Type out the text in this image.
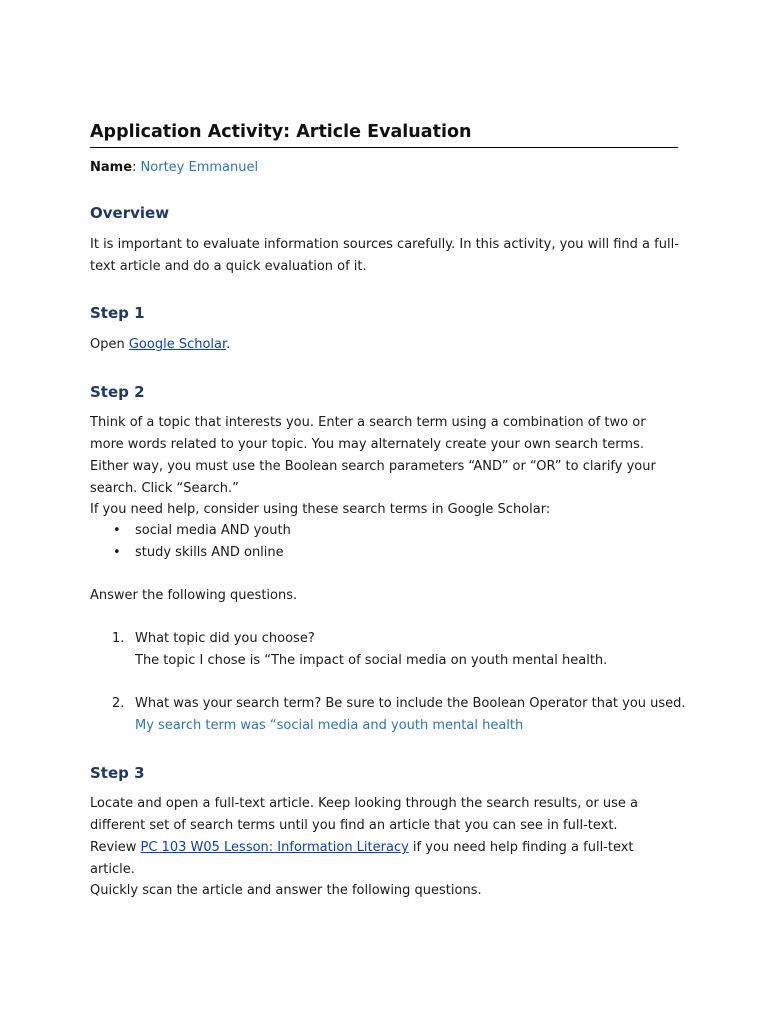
Application Activity: Article Evaluation
Name: Nortey Emmanuel
Overview

It is important to evaluate information sources carefully. In this activity, you will find a full-text article and do a quick evaluation of it.

Step 1

Open Google Scholar.

Step 2

Think of a topic that interests you. Enter a search term using a combination of two or more words related to your topic. You may alternately create your own search terms. Either way, you must use the Boolean search parameters “AND” or “OR” to clarify your search. Click “Search.”

If you need help, consider using these search terms in Google Scholar:

• social media AND youth
• study skills AND online

Answer the following questions.

1. What topic did you choose?
The topic I chose is “The impact of social media on youth mental health.
2. What was your search term? Be sure to include the Boolean Operator that you used.
My search term was “social media and youth mental health
Step 3

Locate and open a full-text article. Keep looking through the search results, or use a different set of search terms until you find an article that you can see in full-text. Review PC 103 W05 Lesson: Information Literacy if you need help finding a full-text article.

Quickly scan the article and answer the following questions.
